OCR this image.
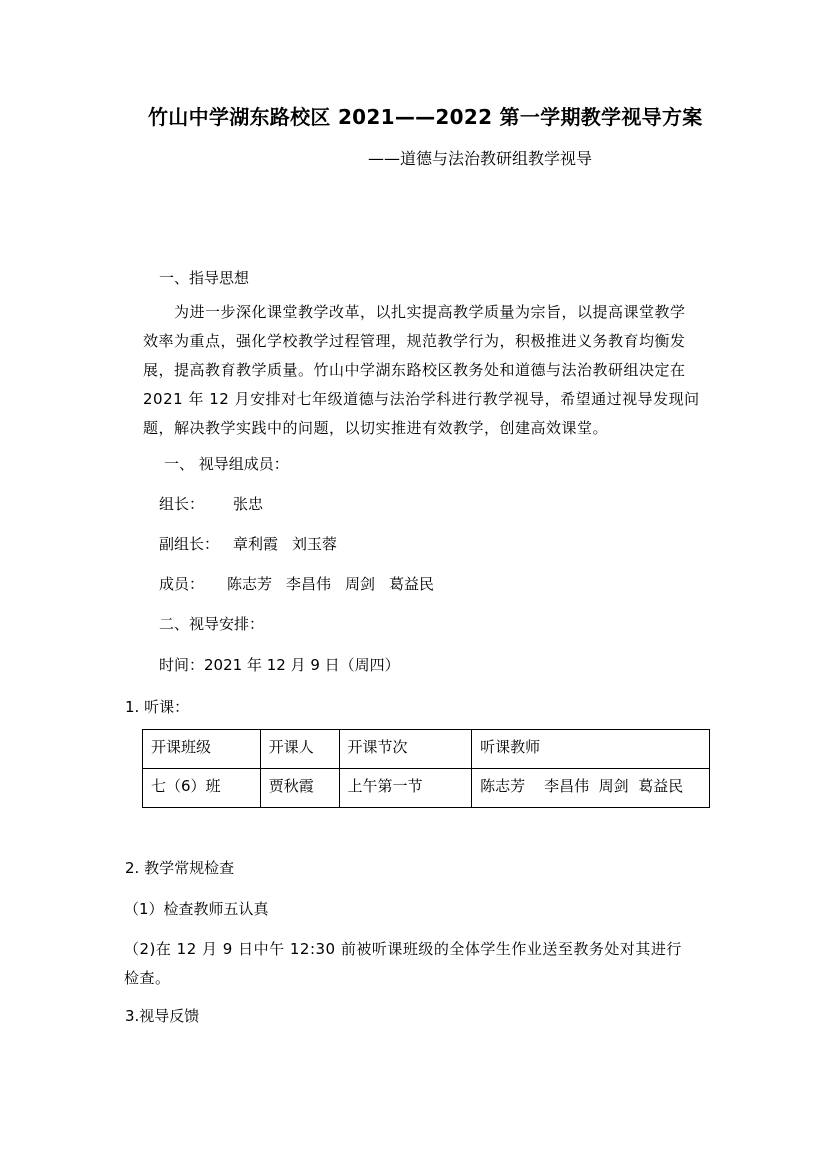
竹山中学湖东路校区 2021——2022 第一学期教学视导方案
——道德与法治教研组教学视导
一、指导思想
为进一步深化课堂教学改革，以扎实提高教学质量为宗旨，以提高课堂教学
效率为重点，强化学校教学过程管理，规范教学行为，积极推进义务教育均衡发
展，提高教育教学质量。竹山中学湖东路校区教务处和道德与法治教研组决定在
2021 年 12 月安排对七年级道德与法治学科进行教学视导，希望通过视导发现问
题，解决教学实践中的问题，以切实推进有效教学，创建高效课堂。
一、 视导组成员：
组长： 张忠
副组长： 章利霞 刘玉蓉
成员： 陈志芳 李昌伟 周剑 葛益民
二、视导安排：
时间：2021 年 12 月 9 日（周四）
1. 听课：
开课班级	开课人	开课节次	听课教师
七（6）班	贾秋霞	上午第一节	陈志芳    李昌伟  周剑  葛益民
2. 教学常规检查
（1）检查教师五认真
（2)在 12 月 9 日中午 12:30 前被听课班级的全体学生作业送至教务处对其进行
检查。
3.视导反馈
